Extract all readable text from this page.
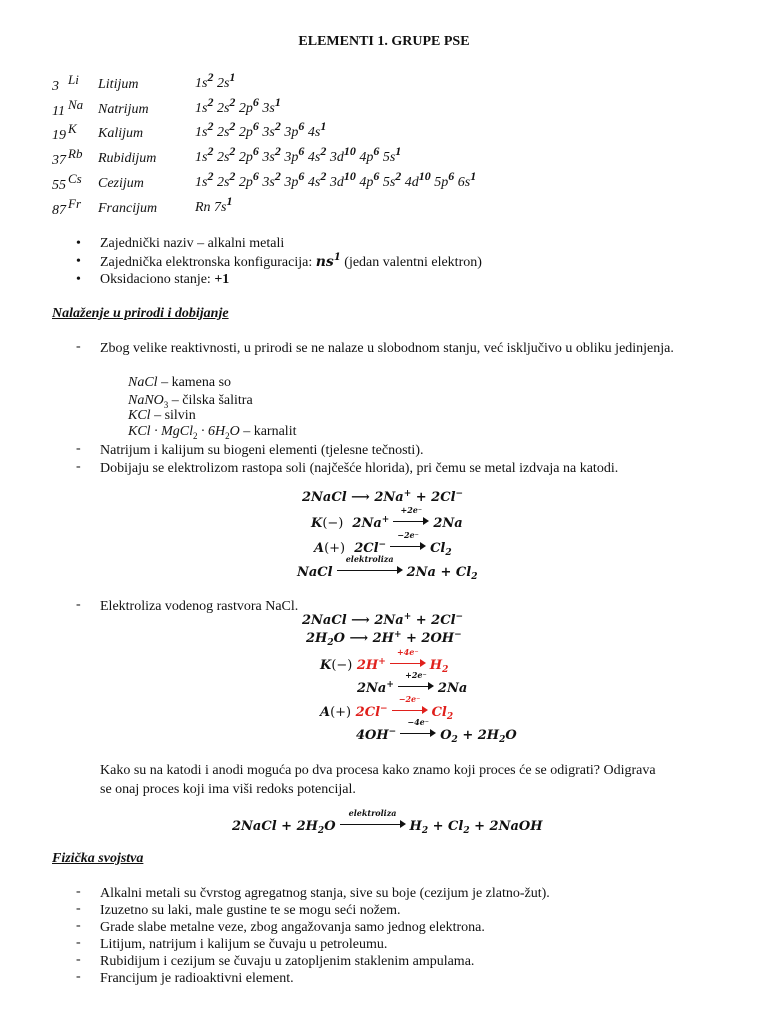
ELEMENTI 1. GRUPE PSE
3 Li Litijum	$1s^2$ $2s^1$
11 Na Natrijum	$1s^2$ $2s^2$ $2p^6$ $3s^1$
19 K Kalijum	$1s^2$ $2s^2$ $2p^6$ $3s^2$ $3p^6$ $4s^1$
37 Rb Rubidijum	$1s^2$ $2s^2$ $2p^6$ $3s^2$ $3p^6$ $4s^2$ $3d^{10}$ $4p^6$ $5s^1$
55 Cs Cezijum	$1s^2$ $2s^2$ $2p^6$ $3s^2$ $3p^6$ $4s^2$ $3d^{10}$ $4p^6$ $5s^2$ $4d^{10}$ $5p^6$ $6s^1$
87 Fr Francijum	Rn $7s^1$
• Zajednički naziv – alkalni metali
• Zajednička elektronska konfiguracija: $ns^1$ (jedan valentni elektron)
• Oksidaciono stanje: +1
Nalaženje u prirodi i dobijanje
- Zbog velike reaktivnosti, u prirodi se ne nalaze u slobodnom stanju, već isključivo u obliku jedinjenja.
NaCl – kamena so
NaNO$_3$ – čilska šalitra
KCl – silvin
KCl · MgCl$_2$ · $6H_2O$ – karnalit
- Natrijum i kalijum su biogeni elementi (tjelesne tečnosti).
- Dobijaju se elektrolizom rastopa soli (najčešće hlorida), pri čemu se metal izdvaja na katodi.
2NaCl ⟶ 2Na+ + 2Cl−
K(−)  2Na+
+2e⁻
2Na
A(+)  2Cl−
−2e⁻
$Cl_2$
NaCl
elektroliza
$2Na + Cl_2$
- Elektroliza vodenog rastvora NaCl.
2NaCl ⟶ 2Na+ + 2Cl−
$2H_2O$ ⟶ 2H+ + 2OH−
K(−) 2H+
+4e⁻
$H_2$
2Na+
+2e⁻
2Na
A(+) 2Cl−
−2e⁻
$Cl_2$
4OH−
−4e⁻
$O_2 + 2H_2O$
Kako su na katodi i anodi moguća po dva procesa kako znamo koji proces će se odigrati? Odigrava se onaj proces koji ima viši redoks potencijal.
2NaCl + $2H_2O$
elektroliza
$H_2 + Cl_2$ + 2NaOH
Fizička svojstva
- Alkalni metali su čvrstog agregatnog stanja, sive su boje (cezijum je zlatno-žut).
- Izuzetno su laki, male gustine te se mogu seći nožem.
- Grade slabe metalne veze, zbog angažovanja samo jednog elektrona.
- Litijum, natrijum i kalijum se čuvaju u petroleumu.
- Rubidijum i cezijum se čuvaju u zatopljenim staklenim ampulama.
- Francijum je radioaktivni element.
